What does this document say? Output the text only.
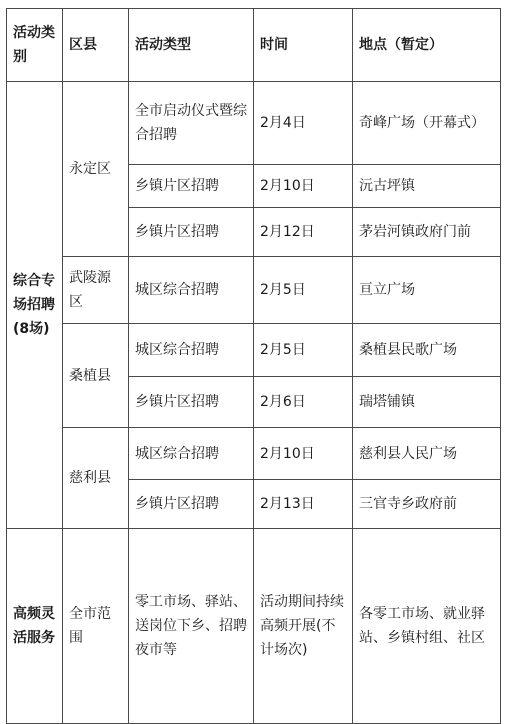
活动类别	区县	活动类型	时间	地点（暂定）
综合专场招聘(8场)	永定区	全市启动仪式暨综合招聘	2月4日	奇峰广场（开幕式）
		乡镇片区招聘	2月10日	沅古坪镇
		乡镇片区招聘	2月12日	茅岩河镇政府门前
	武陵源区	城区综合招聘	2月5日	亘立广场
	桑植县	城区综合招聘	2月5日	桑植县民歌广场
		乡镇片区招聘	2月6日	瑞塔铺镇
	慈利县	城区综合招聘	2月10日	慈利县人民广场
		乡镇片区招聘	2月13日	三官寺乡政府前
高频灵活服务	全市范围	零工市场、驿站、送岗位下乡、招聘夜市等	活动期间持续高频开展(不计场次)	各零工市场、就业驿站、乡镇村组、社区
